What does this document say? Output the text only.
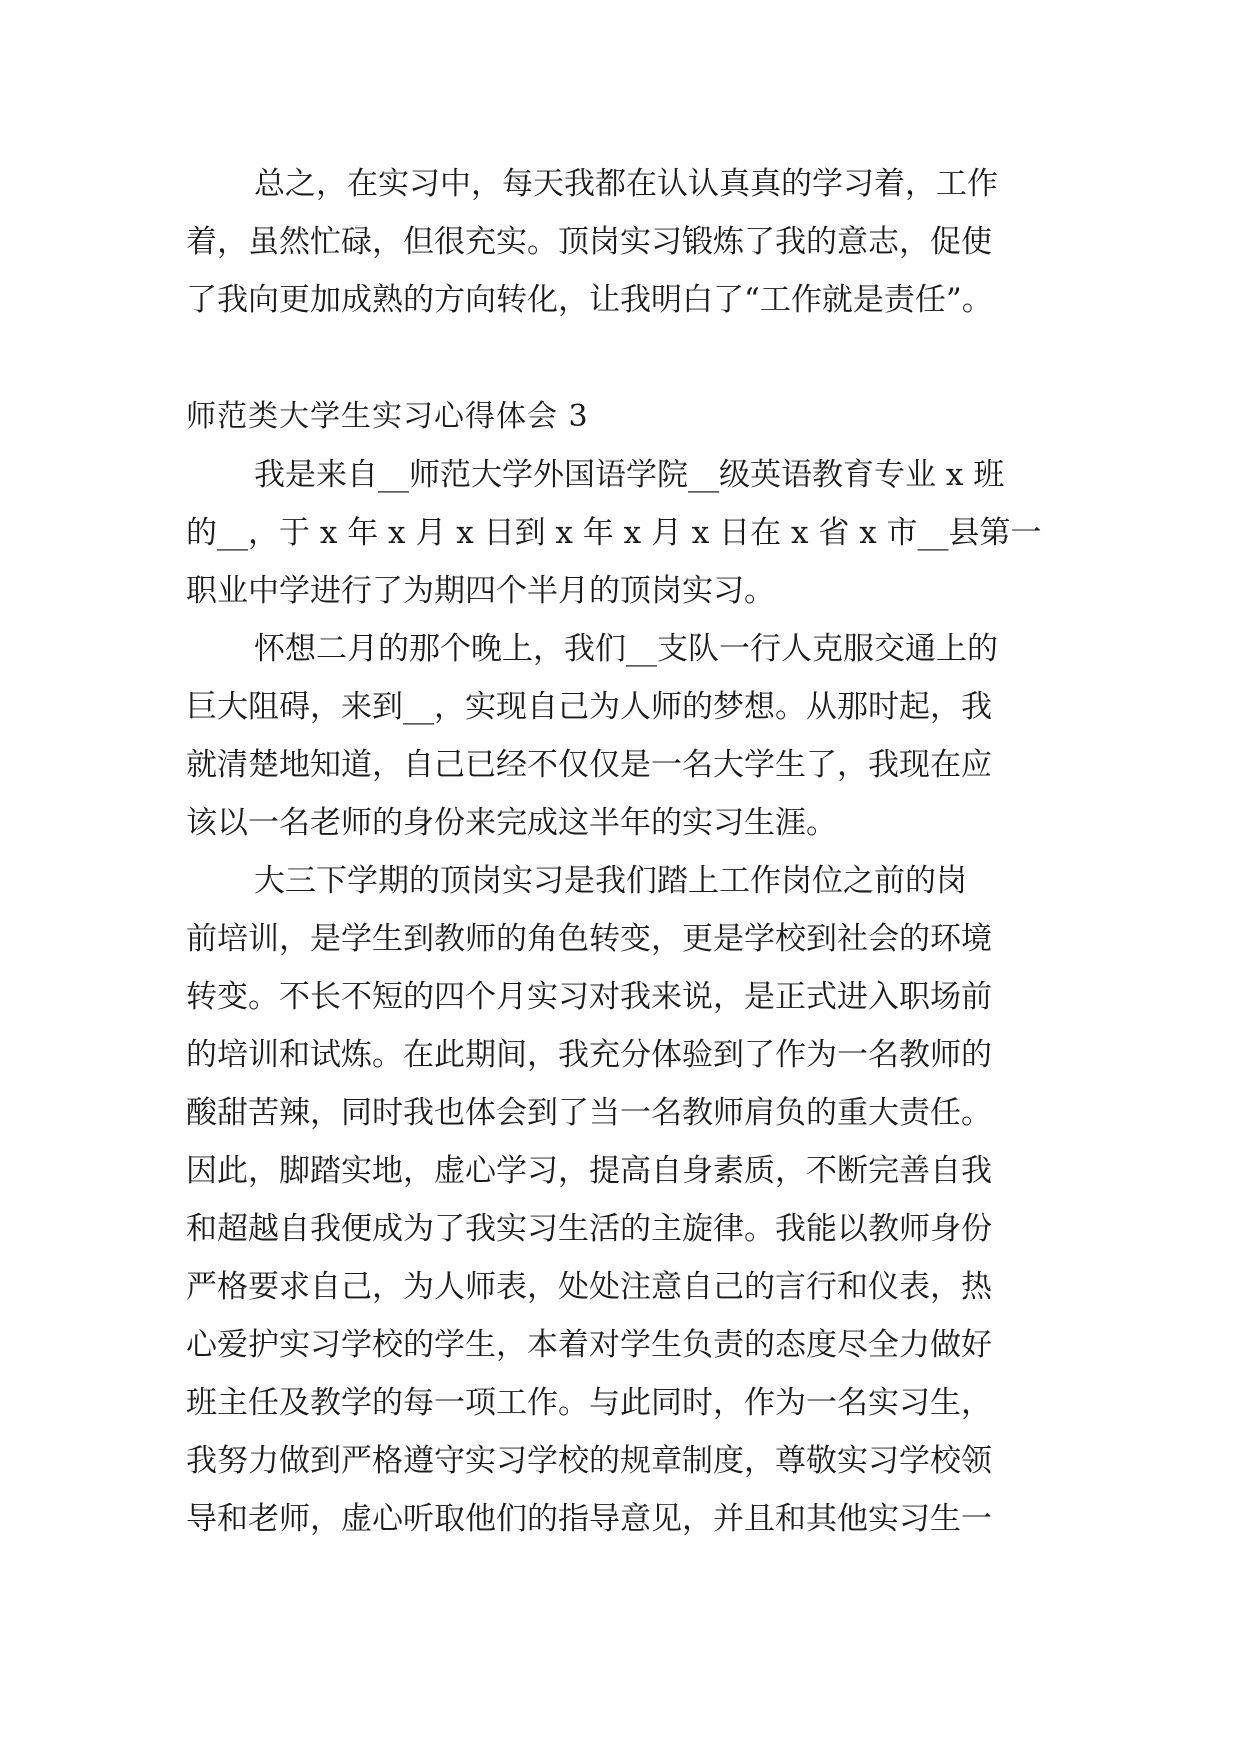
总之，在实习中，每天我都在认认真真的学习着，工作
着，虽然忙碌，但很充实。顶岗实习锻炼了我的意志，促使
了我向更加成熟的方向转化，让我明白了“工作就是责任”。
师范类大学生实习心得体会 3
我是来自__师范大学外国语学院__级英语教育专业 x 班
的__，于 x 年 x 月 x 日到 x 年 x 月 x 日在 x 省 x 市__县第一
职业中学进行了为期四个半月的顶岗实习。
怀想二月的那个晚上，我们__支队一行人克服交通上的
巨大阻碍，来到__，实现自己为人师的梦想。从那时起，我
就清楚地知道，自己已经不仅仅是一名大学生了，我现在应
该以一名老师的身份来完成这半年的实习生涯。
大三下学期的顶岗实习是我们踏上工作岗位之前的岗
前培训，是学生到教师的角色转变，更是学校到社会的环境
转变。不长不短的四个月实习对我来说，是正式进入职场前
的培训和试炼。在此期间，我充分体验到了作为一名教师的
酸甜苦辣，同时我也体会到了当一名教师肩负的重大责任。
因此，脚踏实地，虚心学习，提高自身素质，不断完善自我
和超越自我便成为了我实习生活的主旋律。我能以教师身份
严格要求自己，为人师表，处处注意自己的言行和仪表，热
心爱护实习学校的学生，本着对学生负责的态度尽全力做好
班主任及教学的每一项工作。与此同时，作为一名实习生，
我努力做到严格遵守实习学校的规章制度，尊敬实习学校领
导和老师，虚心听取他们的指导意见，并且和其他实习生一
